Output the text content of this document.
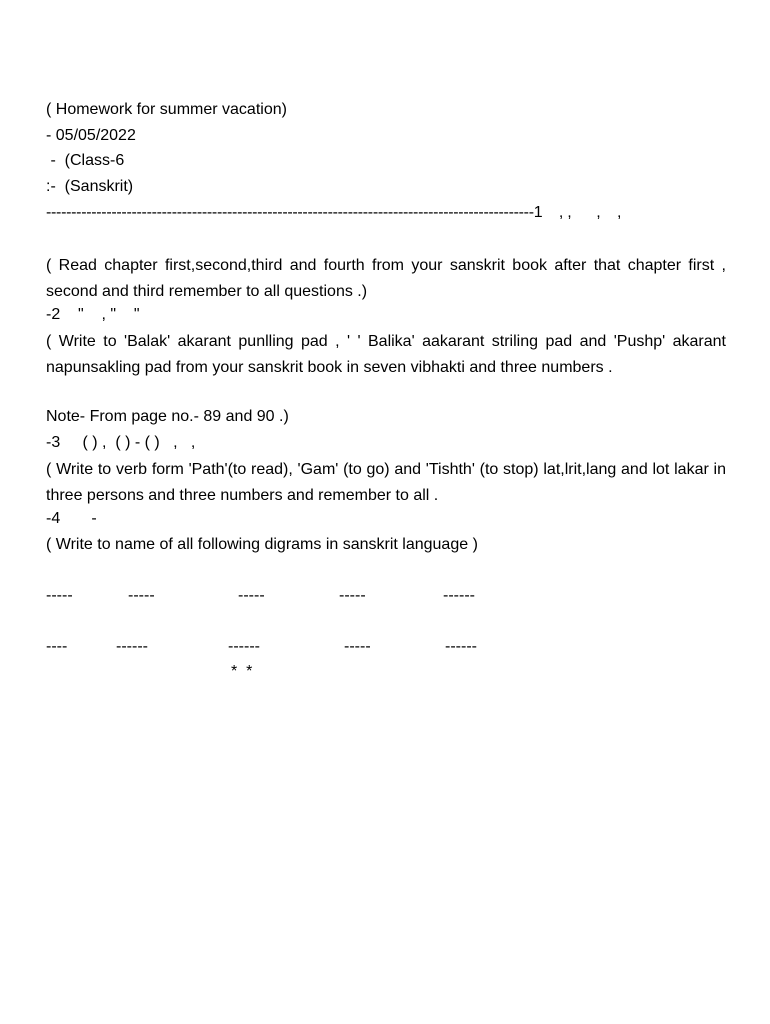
( Homework for summer vacation)
- 05/05/2022
-  (Class-6
:-  (Sanskrit)
-------------------------------------------------------------------------------------------------1    , ,      ,    ,
( Read chapter first,second,third and fourth from your sanskrit book after that chapter first , second and third remember to all questions .)
-2    "    , "    "
( Write to 'Balak' akarant punlling pad , ' ' Balika' aakarant striling pad and 'Pushp' akarant napunsakling pad from your sanskrit book in seven vibhakti and three numbers .
Note- From page no.- 89 and 90 .)
-3     ( ) ,  ( ) - ( )   ,   ,
( Write to verb form 'Path'(to read), 'Gam' (to go) and 'Tishth' (to stop) lat,lrit,lang and lot lakar in three persons and three numbers and remember to all .
-4       -
( Write to name of all following digrams in sanskrit language )
-----	-----	-----	-----	------
----	------	------	-----	------
*  *
